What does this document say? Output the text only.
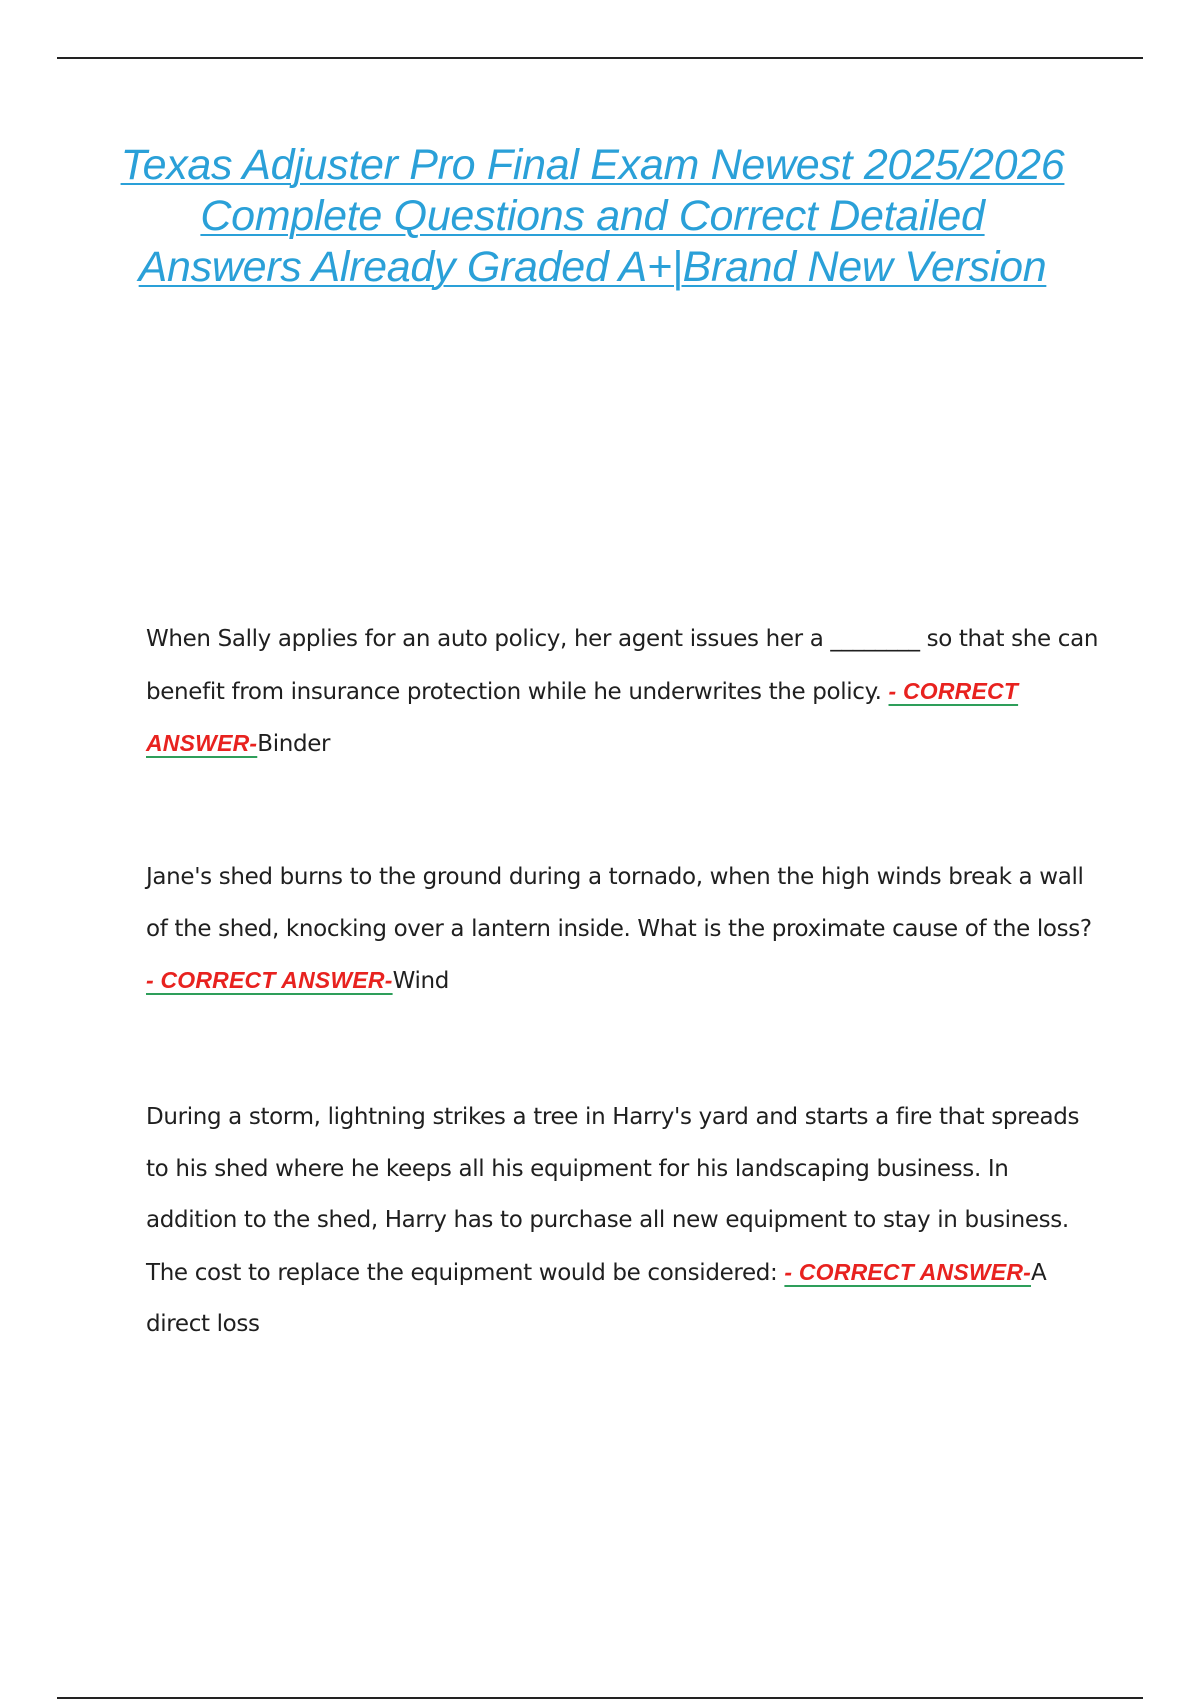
Texas Adjuster Pro Final Exam Newest 2025/2026 Complete Questions and Correct Detailed Answers Already Graded A+|Brand New Version
When Sally applies for an auto policy, her agent issues her a ________ so that she can benefit from insurance protection while he underwrites the policy. - CORRECT ANSWER-Binder
Jane's shed burns to the ground during a tornado, when the high winds break a wall of the shed, knocking over a lantern inside. What is the proximate cause of the loss? - CORRECT ANSWER-Wind
During a storm, lightning strikes a tree in Harry's yard and starts a fire that spreads to his shed where he keeps all his equipment for his landscaping business. In addition to the shed, Harry has to purchase all new equipment to stay in business. The cost to replace the equipment would be considered: - CORRECT ANSWER-A direct loss
